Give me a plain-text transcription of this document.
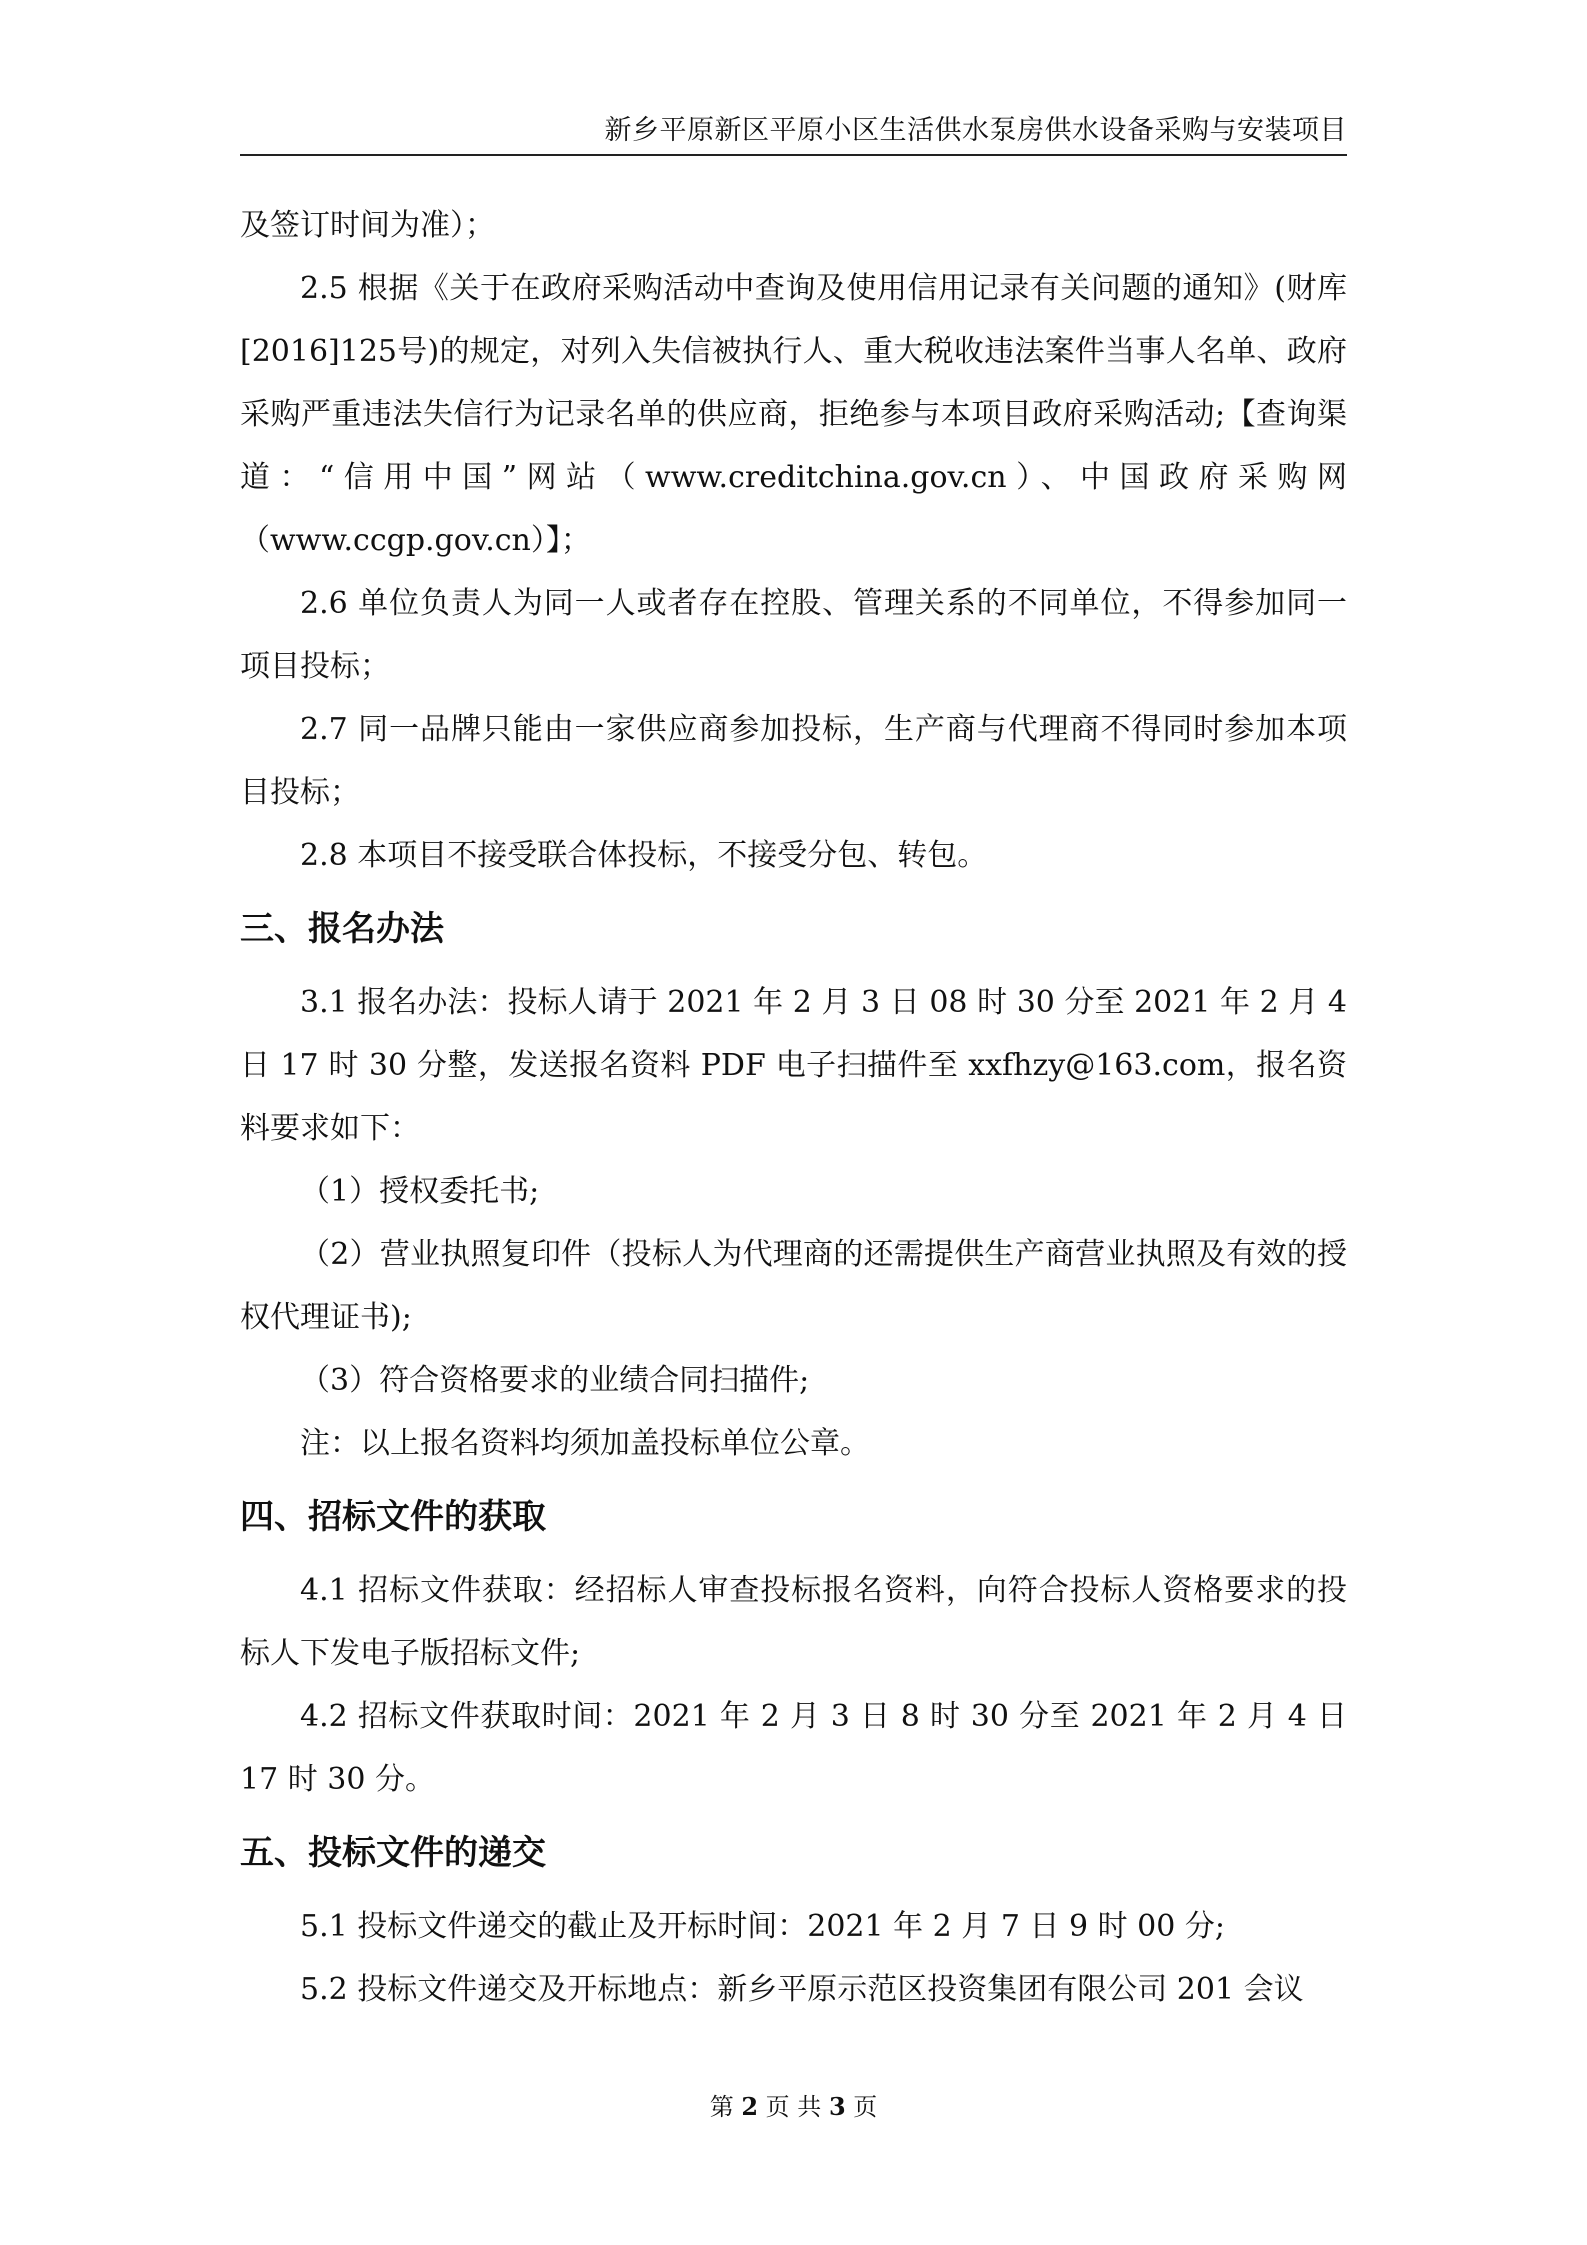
新乡平原新区平原小区生活供水泵房供水设备采购与安装项目

及签订时间为准）；

2.5 根据《关于在政府采购活动中查询及使用信用记录有关问题的通知》(财库[2016]125号)的规定，对列入失信被执行人、重大税收违法案件当事人名单、政府采购严重违法失信行为记录名单的供应商，拒绝参与本项目政府采购活动;【查询渠道：“信用中国”网站（www.creditchina.gov.cn）、中国政府采购网（www.ccgp.gov.cn）】；

2.6 单位负责人为同一人或者存在控股、管理关系的不同单位，不得参加同一项目投标；

2.7 同一品牌只能由一家供应商参加投标，生产商与代理商不得同时参加本项目投标；

2.8 本项目不接受联合体投标，不接受分包、转包。

三、报名办法

3.1 报名办法：投标人请于 2021 年 2 月 3 日 08 时 30 分至 2021 年 2 月 4 日 17 时 30 分整，发送报名资料 PDF 电子扫描件至 xxfhzy@163.com，报名资料要求如下：

（1）授权委托书;

（2）营业执照复印件（投标人为代理商的还需提供生产商营业执照及有效的授权代理证书);

（3）符合资格要求的业绩合同扫描件;

注：以上报名资料均须加盖投标单位公章。

四、招标文件的获取

4.1 招标文件获取：经招标人审查投标报名资料，向符合投标人资格要求的投标人下发电子版招标文件;

4.2 招标文件获取时间：2021 年 2 月 3 日 8 时 30 分至 2021 年 2 月 4 日 17 时 30 分。

五、投标文件的递交

5.1 投标文件递交的截止及开标时间：2021 年 2 月 7 日 9 时 00 分;

5.2 投标文件递交及开标地点：新乡平原示范区投资集团有限公司 201 会议

第 2 页 共 3 页
